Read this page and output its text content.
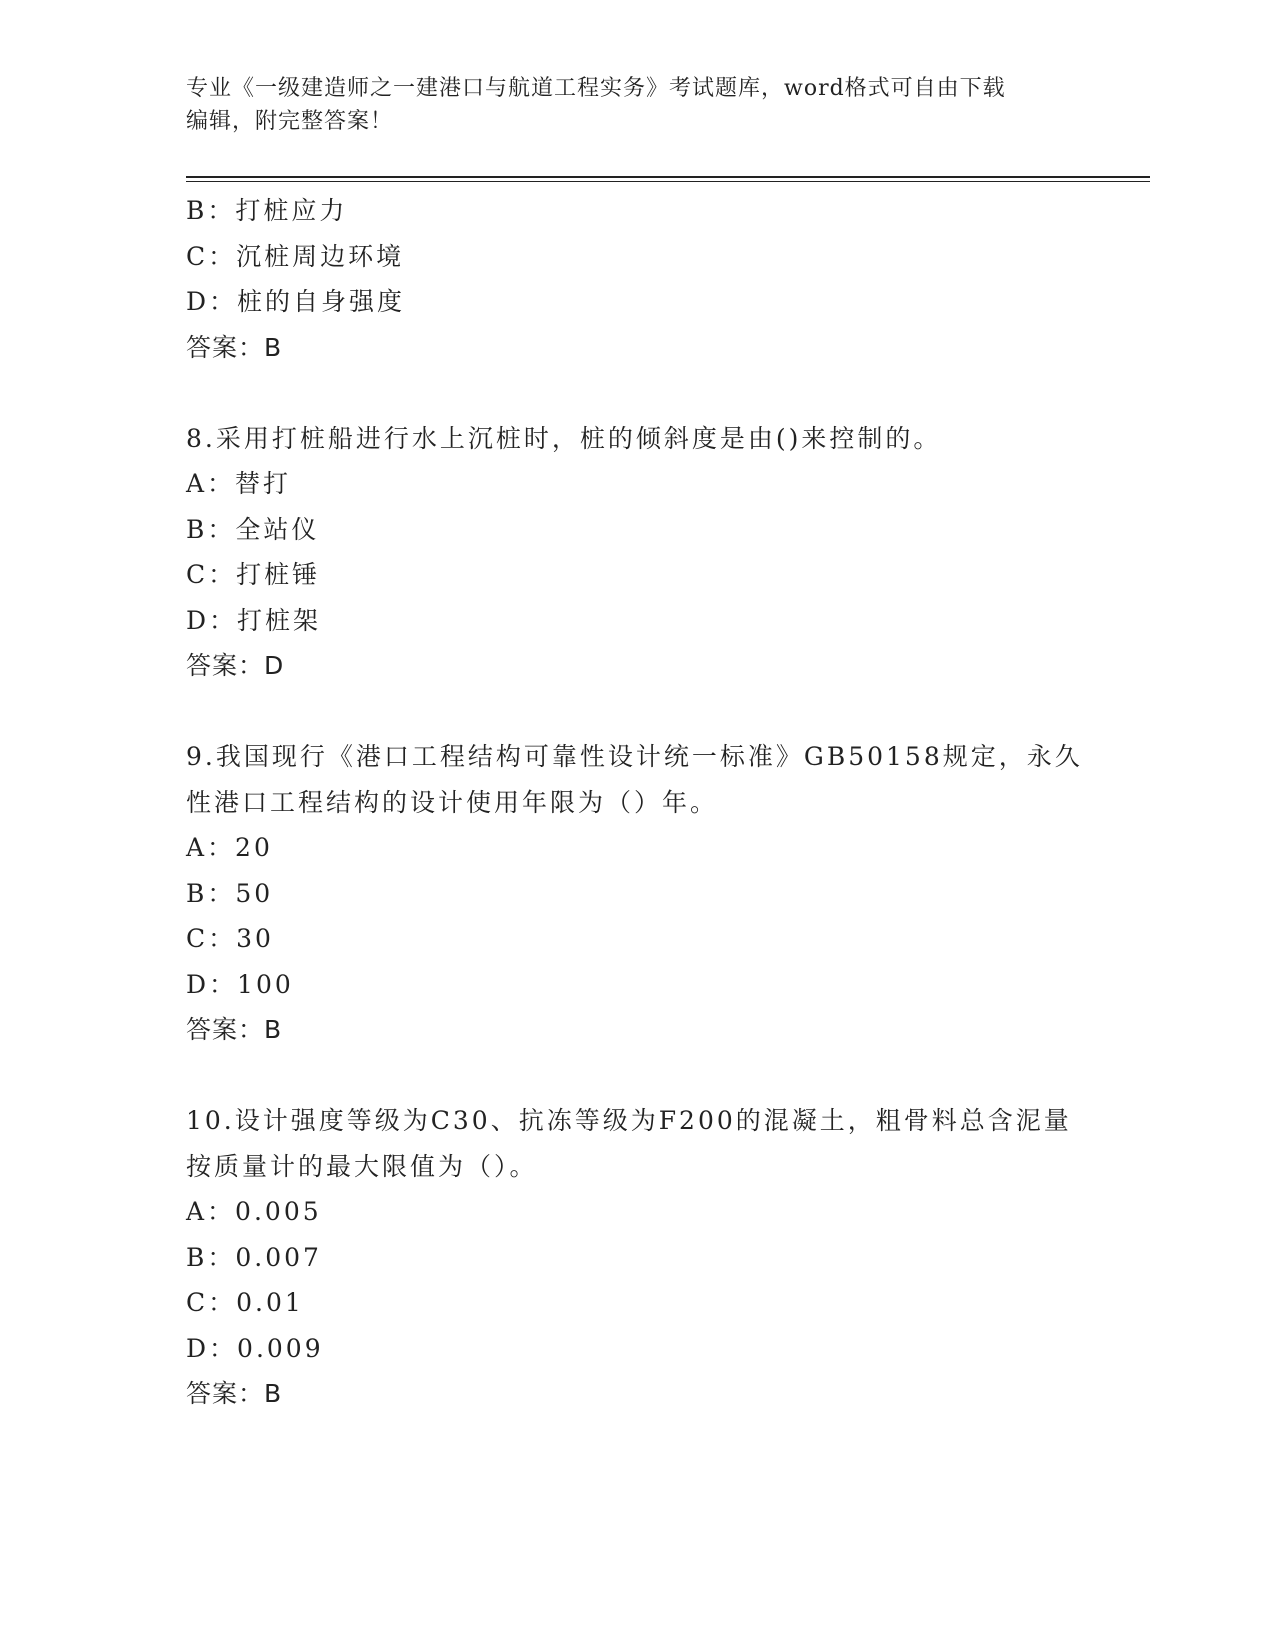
专业《一级建造师之一建港口与航道工程实务》考试题库，word格式可自由下载
编辑，附完整答案！
B：打桩应力
C：沉桩周边环境
D：桩的自身强度
答案：B
8.采用打桩船进行水上沉桩时，桩的倾斜度是由()来控制的。
A：替打
B：全站仪
C：打桩锤
D：打桩架
答案：D
9.我国现行《港口工程结构可靠性设计统一标准》GB50158规定，永久
性港口工程结构的设计使用年限为（）年。
A：20
B：50
C：30
D：100
答案：B
10.设计强度等级为C30、抗冻等级为F200的混凝土，粗骨料总含泥量
按质量计的最大限值为（）。
A：0.005
B：0.007
C：0.01
D：0.009
答案：B
